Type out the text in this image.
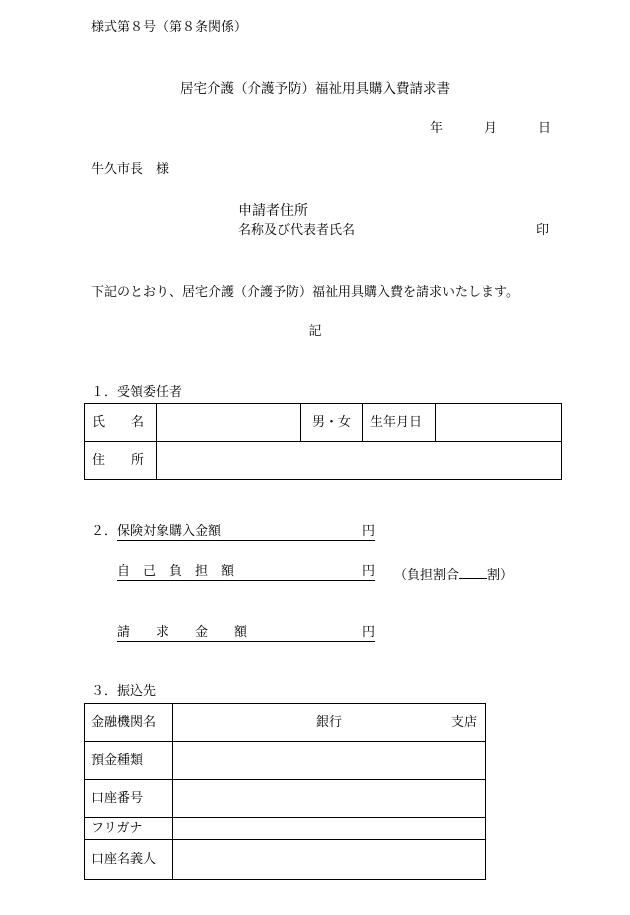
様式第８号（第８条関係）
居宅介護（介護予防）福祉用具購入費請求書
年	月	日
牛久市長　様
申請者住所
名称及び代表者氏名	印
下記のとおり、居宅介護（介護予防）福祉用具購入費を請求いたします。
記
１．受領委任者
氏　　名		男・女	生年月日	
住　　所				
２． 保険対象購入金額	円
自　己　負　担　額	円 （負担割合 割）
請　　求　　金　　額	円
３．振込先
金融機関名	銀行 支店

預金種類	
口座番号	
フリガナ	
口座名義人	
